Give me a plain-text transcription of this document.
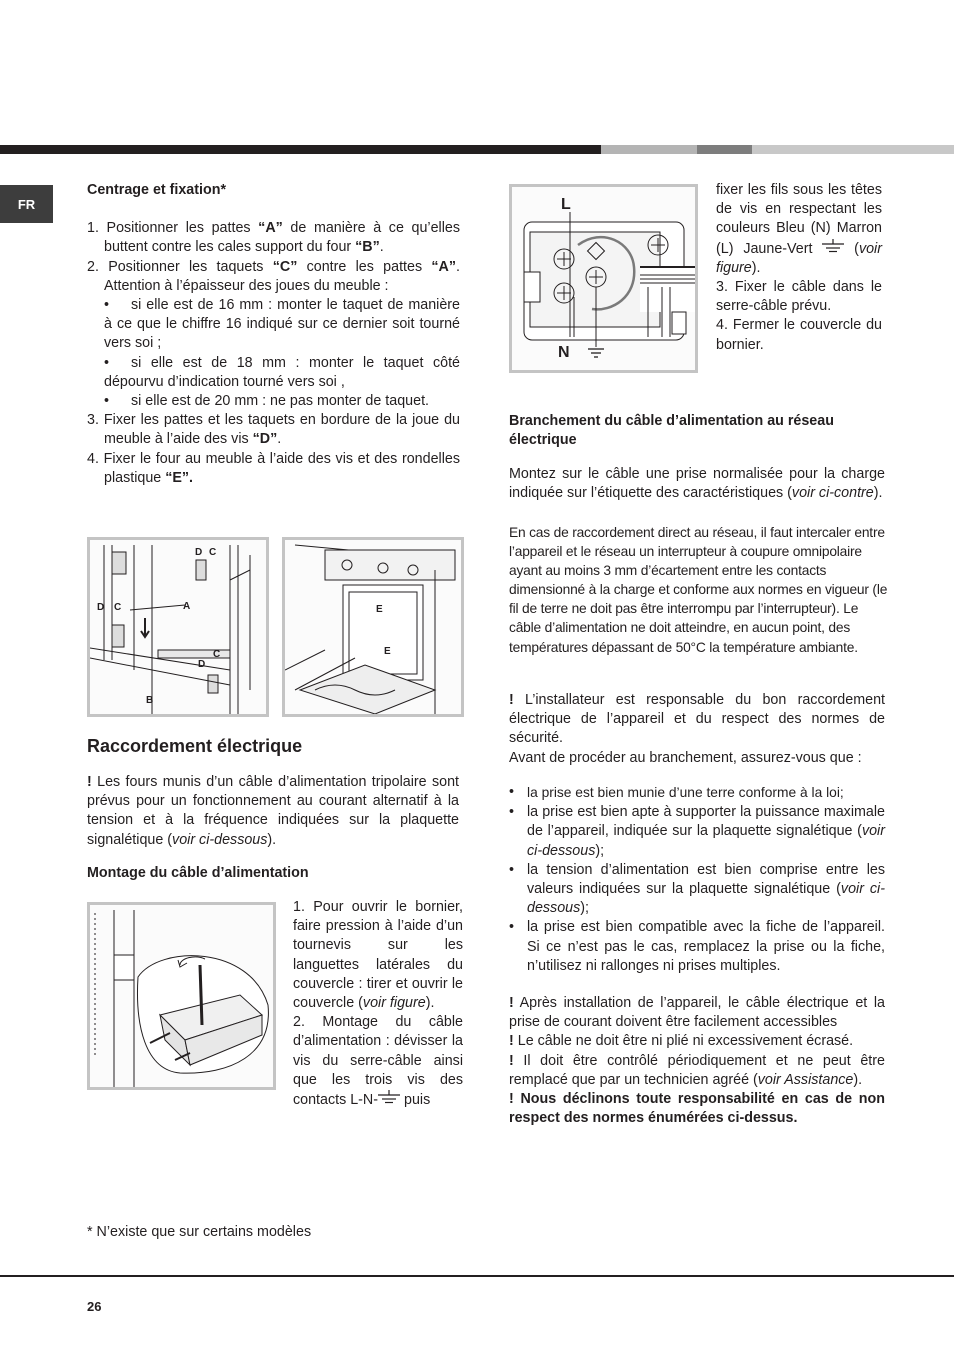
FR
Centrage et fixation*
1. Positionner les pattes “A” de manière à ce qu’elles buttent contre les cales support du four “B”.
2. Positionner les taquets “C” contre les pattes “A”. Attention à l’épaisseur des joues du meuble :
• si elle est de 16 mm : monter le taquet de manière à ce que le chiffre 16 indiqué sur ce dernier soit tourné vers soi ;
• si elle est de 18 mm : monter le taquet côté dépourvu d’indication tourné vers soi ,
• si elle est de 20 mm : ne pas monter de taquet.
3. Fixer les pattes et les taquets en bordure de la joue du meuble à l’aide des vis “D”.
4. Fixer le four au meuble à l’aide des vis et des rondelles plastique “E”.
D C
D C	A
C
D
B
E
E
Raccordement électrique
! Les fours munis d’un câble d’alimentation tripolaire sont prévus pour un fonctionnement au courant alternatif à la tension et à la fréquence indiquées sur la plaquette signalétique (voir ci-dessous).
Montage du câble d’alimentation
1. Pour ouvrir le bornier, faire pression à l’aide d’un tournevis sur les languettes latérales du couvercle : tirer et ouvrir le couvercle (voir figure).
2. Montage du câble d’alimentation : dévisser la vis du serre-câble ainsi que les trois vis des contacts L-N- puis
* N’existe que sur certains modèles
L
N
fixer les fils sous les têtes de vis en respectant les couleurs Bleu (N) Marron (L) Jaune-Vert  (voir figure).
3. Fixer le câble dans le serre-câble prévu.
4. Fermer le couvercle du bornier.
Branchement du câble d’alimentation au réseau électrique
Montez sur le câble une prise normalisée pour la charge indiquée sur l’étiquette des caractéristiques (voir ci-contre).
En cas de raccordement direct au réseau, il faut intercaler entre l’appareil et le réseau un interrupteur à coupure omnipolaire ayant au moins 3 mm d’écartement entre les contacts dimensionné à la charge et conforme aux normes en vigueur (le fil de terre ne doit pas être interrompu par l’interrupteur). Le câble d’alimentation ne doit atteindre, en aucun point, des températures dépassant de 50°C la température ambiante.
! L’installateur est responsable du bon raccordement électrique de l’appareil et du respect des normes de sécurité.
Avant de procéder au branchement, assurez-vous que :
• la prise est bien munie d’une terre conforme à la loi;
• la prise est bien apte à supporter la puissance maximale de l’appareil, indiquée sur la plaquette signalétique (voir ci-dessous);
• la tension d’alimentation est bien comprise entre les valeurs indiquées sur la plaquette signalétique (voir ci-dessous);
• la prise est bien compatible avec la fiche de l’appareil. Si ce n’est pas le cas, remplacez la prise ou la fiche, n’utilisez ni rallonges ni prises multiples.
! Après installation de l’appareil, le câble électrique et la prise de courant doivent être facilement accessibles
! Le câble ne doit être ni plié ni excessivement écrasé.
! Il doit être contrôlé périodiquement et ne peut être remplacé que par un technicien agréé (voir Assistance).
! Nous déclinons toute responsabilité en cas de non respect des normes énumérées ci-dessus.
26
